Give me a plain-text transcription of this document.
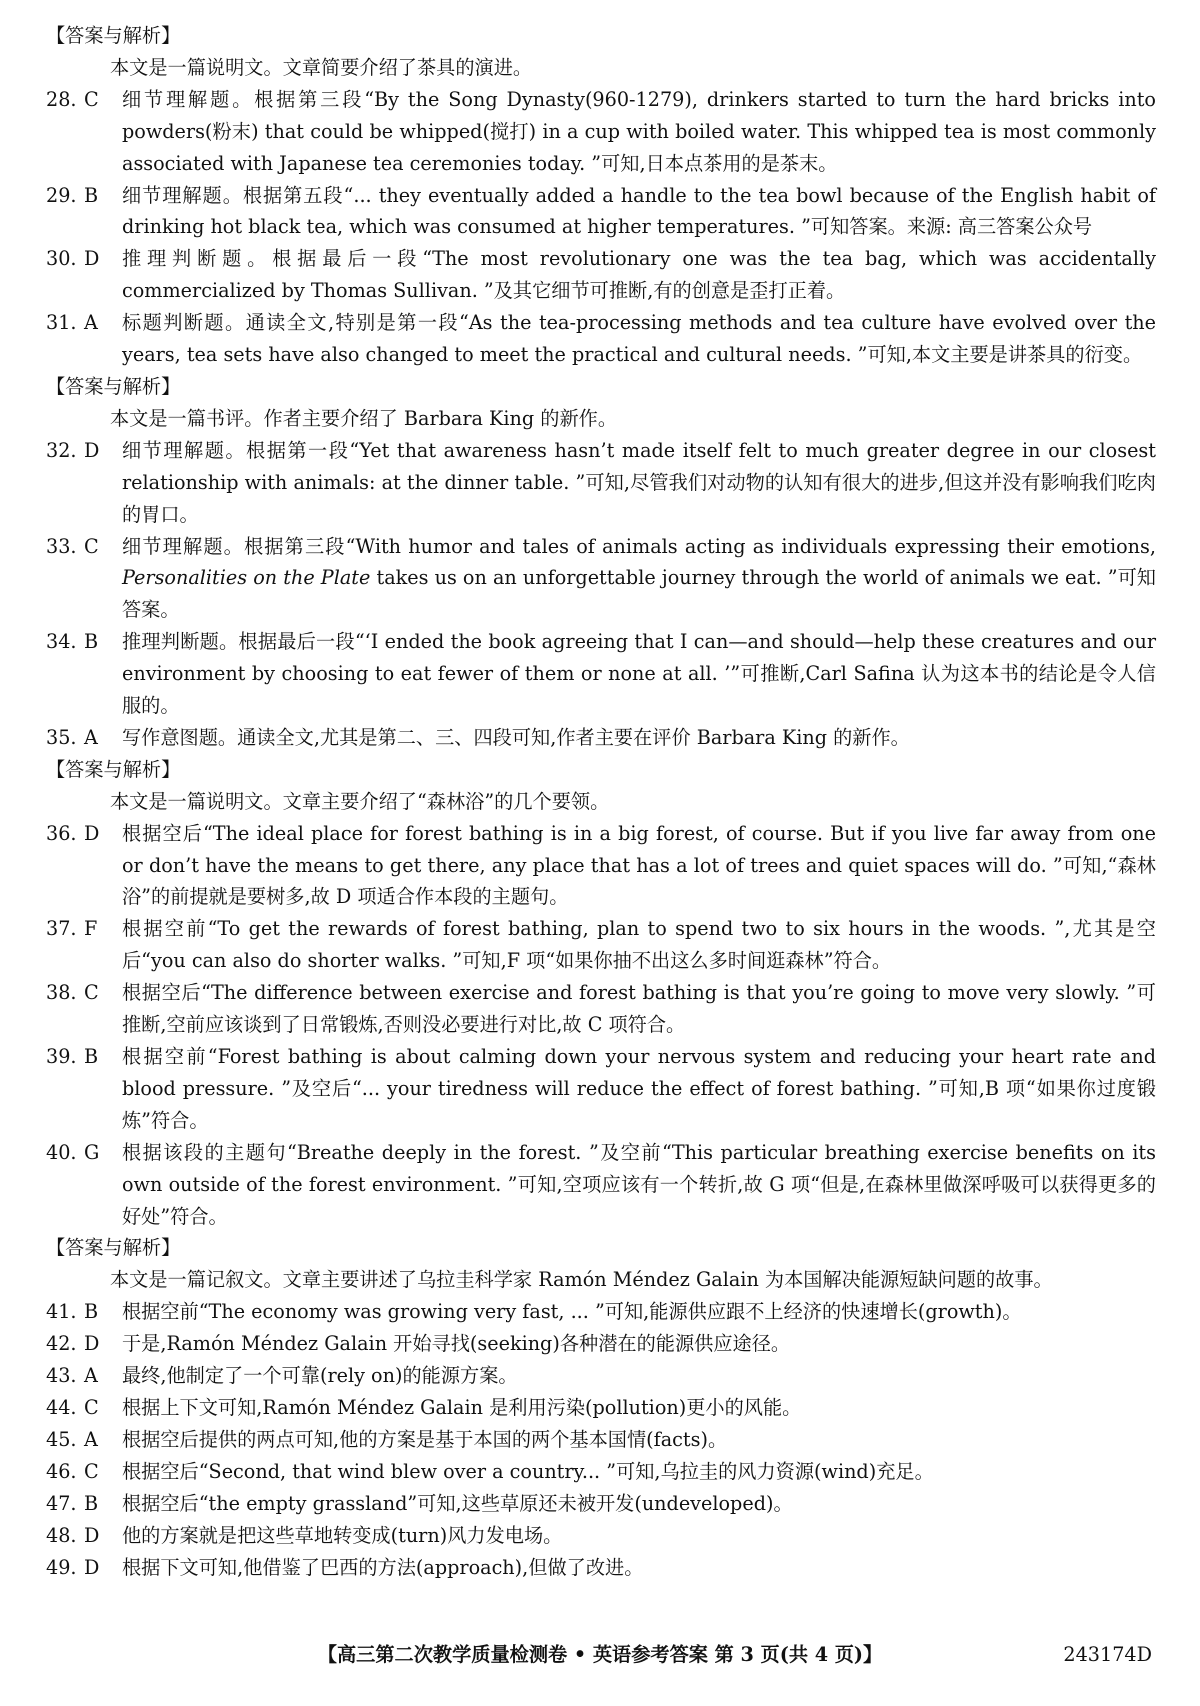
【答案与解析】
本文是一篇说明文。文章简要介绍了茶具的演进。
28. C	细节理解题。根据第三段“By the Song Dynasty(960-1279), drinkers started to turn the hard bricks into powders(粉末) that could be whipped(搅打) in a cup with boiled water. This whipped tea is most commonly associated with Japanese tea ceremonies today. ”可知,日本点茶用的是茶末。
29. B	细节理解题。根据第五段“... they eventually added a handle to the tea bowl because of the English habit of drinking hot black tea, which was consumed at higher temperatures. ”可知答案。来源: 高三答案公众号
30. D	推理判断题。根据最后一段“The most revolutionary one was the tea bag, which was accidentally commercialized by Thomas Sullivan. ”及其它细节可推断,有的创意是歪打正着。
31. A	标题判断题。通读全文,特别是第一段“As the tea-processing methods and tea culture have evolved over the years, tea sets have also changed to meet the practical and cultural needs. ”可知,本文主要是讲茶具的衍变。
【答案与解析】
本文是一篇书评。作者主要介绍了 Barbara King 的新作。
32. D	细节理解题。根据第一段“Yet that awareness hasn’t made itself felt to much greater degree in our closest relationship with animals: at the dinner table. ”可知,尽管我们对动物的认知有很大的进步,但这并没有影响我们吃肉的胃口。
33. C	细节理解题。根据第三段“With humor and tales of animals acting as individuals expressing their emotions, Personalities on the Plate takes us on an unforgettable journey through the world of animals we eat. ”可知答案。
34. B	推理判断题。根据最后一段“‘I ended the book agreeing that I can—and should—help these creatures and our environment by choosing to eat fewer of them or none at all. ’”可推断,Carl Safina 认为这本书的结论是令人信服的。
35. A	写作意图题。通读全文,尤其是第二、三、四段可知,作者主要在评价 Barbara King 的新作。
【答案与解析】
本文是一篇说明文。文章主要介绍了“森林浴”的几个要领。
36. D	根据空后“The ideal place for forest bathing is in a big forest, of course. But if you live far away from one or don’t have the means to get there, any place that has a lot of trees and quiet spaces will do. ”可知,“森林浴”的前提就是要树多,故 D 项适合作本段的主题句。
37. F	根据空前“To get the rewards of forest bathing, plan to spend two to six hours in the woods. ”,尤其是空后“you can also do shorter walks. ”可知,F 项“如果你抽不出这么多时间逛森林”符合。
38. C	根据空后“The difference between exercise and forest bathing is that you’re going to move very slowly. ”可推断,空前应该谈到了日常锻炼,否则没必要进行对比,故 C 项符合。
39. B	根据空前“Forest bathing is about calming down your nervous system and reducing your heart rate and blood pressure. ”及空后“... your tiredness will reduce the effect of forest bathing. ”可知,B 项“如果你过度锻炼”符合。
40. G	根据该段的主题句“Breathe deeply in the forest. ”及空前“This particular breathing exercise benefits on its own outside of the forest environment. ”可知,空项应该有一个转折,故 G 项“但是,在森林里做深呼吸可以获得更多的好处”符合。
【答案与解析】
本文是一篇记叙文。文章主要讲述了乌拉圭科学家 Ramón Méndez Galain 为本国解决能源短缺问题的故事。
41. B	根据空前“The economy was growing very fast, ... ”可知,能源供应跟不上经济的快速增长(growth)。
42. D	于是,Ramón Méndez Galain 开始寻找(seeking)各种潜在的能源供应途径。
43. A	最终,他制定了一个可靠(rely on)的能源方案。
44. C	根据上下文可知,Ramón Méndez Galain 是利用污染(pollution)更小的风能。
45. A	根据空后提供的两点可知,他的方案是基于本国的两个基本国情(facts)。
46. C	根据空后“Second, that wind blew over a country... ”可知,乌拉圭的风力资源(wind)充足。
47. B	根据空后“the empty grassland”可知,这些草原还未被开发(undeveloped)。
48. D	他的方案就是把这些草地转变成(turn)风力发电场。
49. D	根据下文可知,他借鉴了巴西的方法(approach),但做了改进。
【高三第二次教学质量检测卷 • 英语参考答案 第 3 页(共 4 页)】	243174D
